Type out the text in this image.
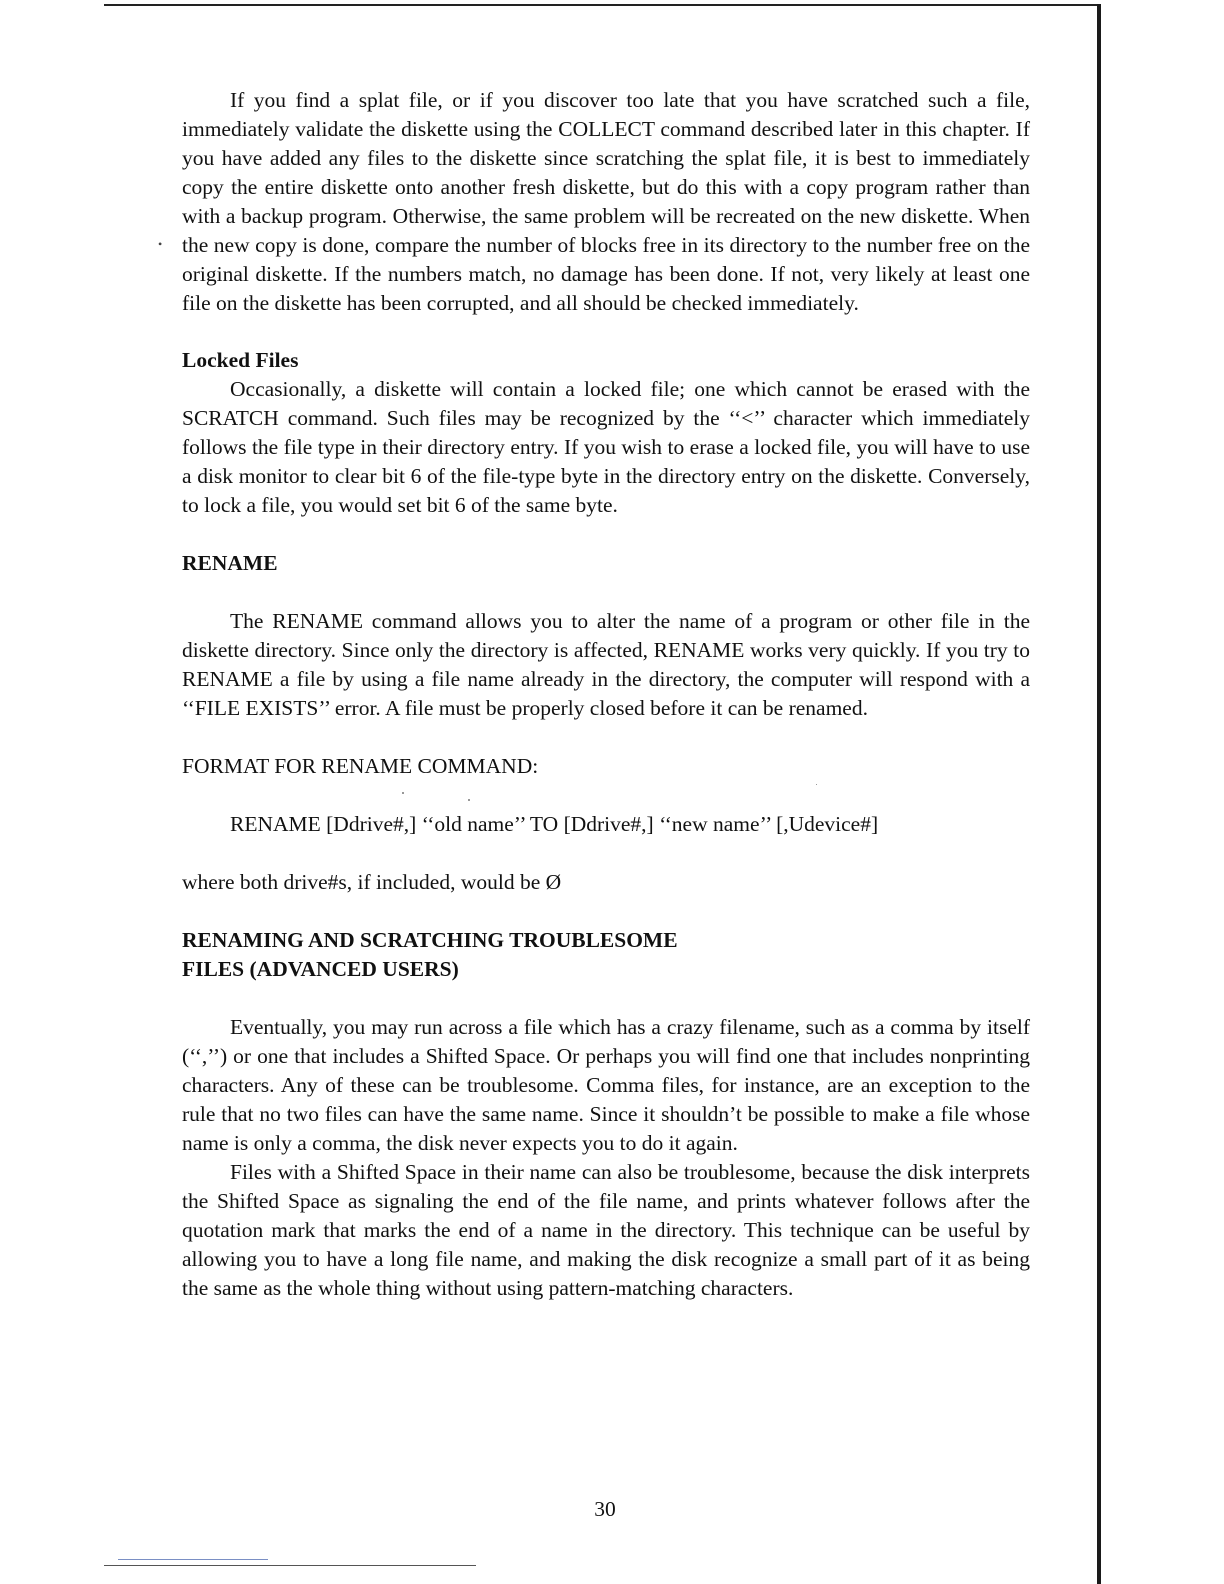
•

If you find a splat file, or if you discover too late that you have scratched such a file, immediately validate the diskette using the COLLECT command described later in this chapter. If you have added any files to the diskette since scratching the splat file, it is best to immediately copy the entire diskette onto another fresh diskette, but do this with a copy program rather than with a backup program. Otherwise, the same problem will be recreated on the new diskette. When the new copy is done, compare the number of blocks free in its directory to the number free on the original diskette. If the numbers match, no damage has been done. If not, very likely at least one file on the diskette has been corrupted, and all should be checked immediately.

Locked Files

Occasionally, a diskette will contain a locked file; one which cannot be erased with the SCRATCH command. Such files may be recognized by the ‘‘<’’ character which immediately follows the file type in their directory entry. If you wish to erase a locked file, you will have to use a disk monitor to clear bit 6 of the file-type byte in the directory entry on the diskette. Conversely, to lock a file, you would set bit 6 of the same byte.

RENAME

The RENAME command allows you to alter the name of a program or other file in the diskette directory. Since only the directory is affected, RENAME works very quickly. If you try to RENAME a file by using a file name already in the directory, the computer will respond with a ‘‘FILE EXISTS’’ error. A file must be properly closed before it can be renamed.

FORMAT FOR RENAME COMMAND:

RENAME [Ddrive#,] ‘‘old name’’ TO [Ddrive#,] ‘‘new name’’ [,Udevice#]

where both drive#s, if included, would be Ø

RENAMING AND SCRATCHING TROUBLESOME

FILES (ADVANCED USERS)

Eventually, you may run across a file which has a crazy filename, such as a comma by itself (‘‘,’’) or one that includes a Shifted Space. Or perhaps you will find one that includes nonprinting characters. Any of these can be troublesome. Comma files, for instance, are an exception to the rule that no two files can have the same name. Since it shouldn’t be possible to make a file whose name is only a comma, the disk never expects you to do it again.

Files with a Shifted Space in their name can also be troublesome, because the disk interprets the Shifted Space as signaling the end of the file name, and prints whatever follows after the quotation mark that marks the end of a name in the directory. This technique can be useful by allowing you to have a long file name, and making the disk recognize a small part of it as being the same as the whole thing without using pattern-matching characters.

30
